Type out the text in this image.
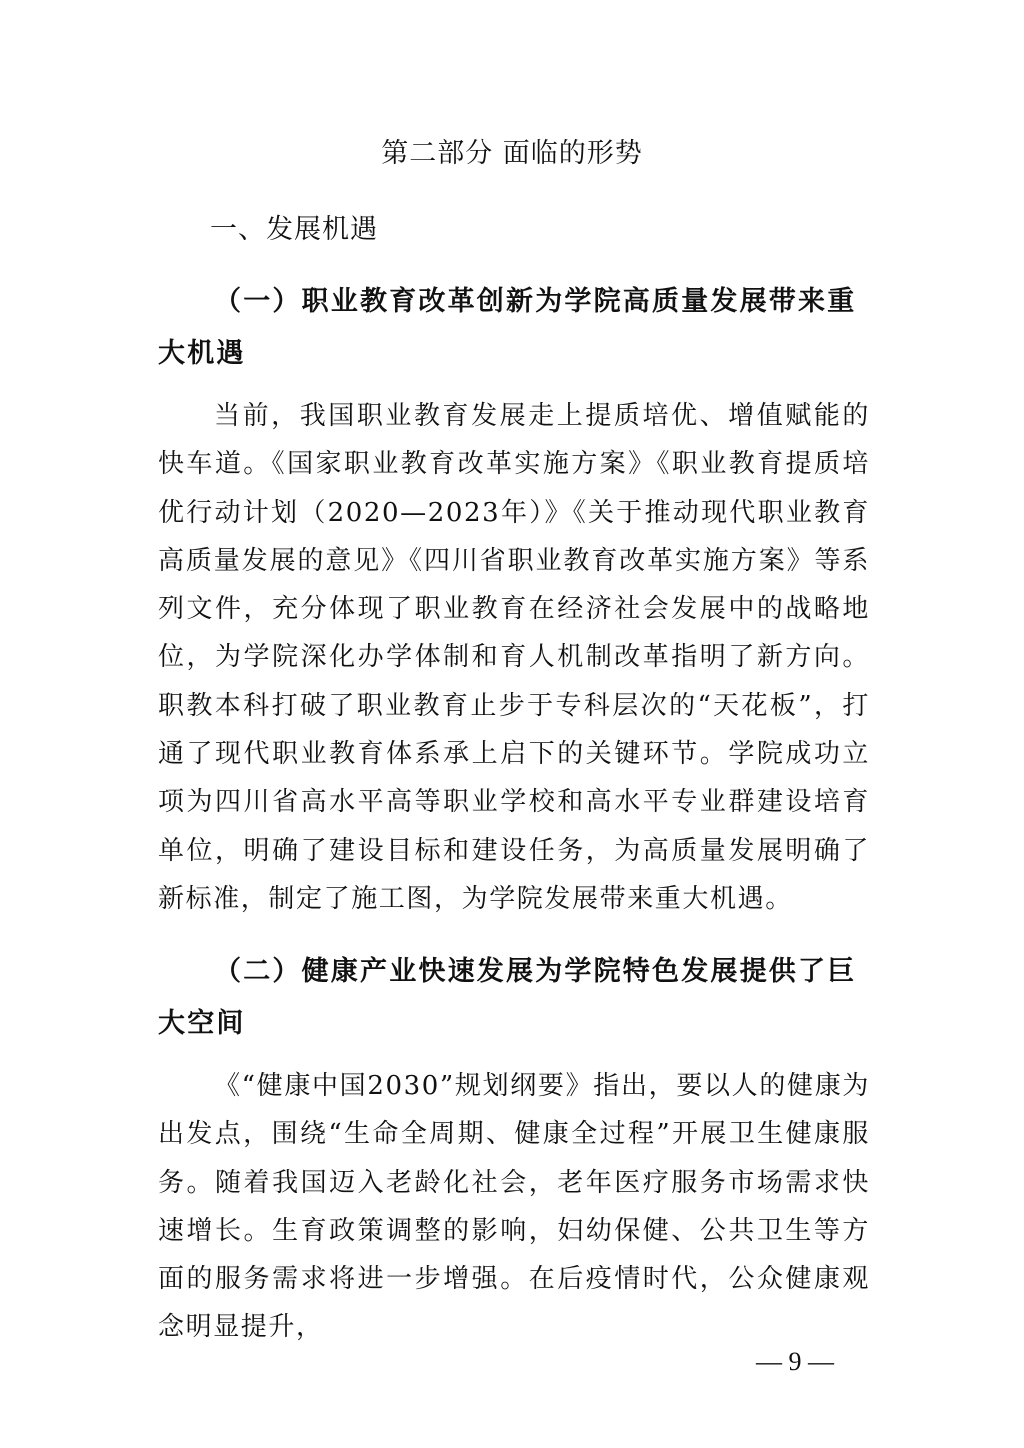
第二部分 面临的形势
一、发展机遇
（一）职业教育改革创新为学院高质量发展带来重大机遇

当前，我国职业教育发展走上提质培优、增值赋能的快车道。《国家职业教育改革实施方案》《职业教育提质培优行动计划（2020—2023年）》《关于推动现代职业教育高质量发展的意见》《四川省职业教育改革实施方案》等系列文件，充分体现了职业教育在经济社会发展中的战略地位，为学院深化办学体制和育人机制改革指明了新方向。职教本科打破了职业教育止步于专科层次的“天花板”，打通了现代职业教育体系承上启下的关键环节。学院成功立项为四川省高水平高等职业学校和高水平专业群建设培育单位，明确了建设目标和建设任务，为高质量发展明确了新标准，制定了施工图，为学院发展带来重大机遇。

（二）健康产业快速发展为学院特色发展提供了巨大空间

《“健康中国2030”规划纲要》指出，要以人的健康为出发点，围绕“生命全周期、健康全过程”开展卫生健康服务。随着我国迈入老龄化社会，老年医疗服务市场需求快速增长。生育政策调整的影响，妇幼保健、公共卫生等方面的服务需求将进一步增强。在后疫情时代，公众健康观念明显提升，

— 9 —
